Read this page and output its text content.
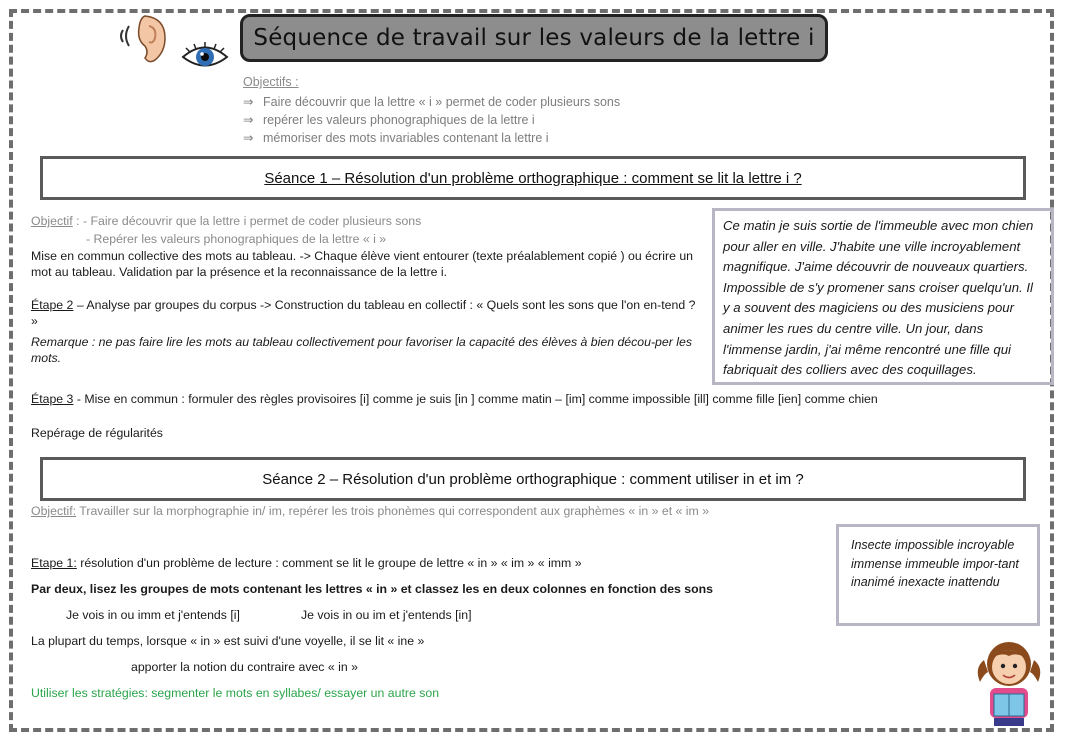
Séquence de travail sur les valeurs de la lettre i
Objectifs :
⇒ Faire découvrir que la lettre « i » permet de coder plusieurs sons
⇒ repérer les valeurs phonographiques de la lettre i
⇒ mémoriser des mots invariables contenant la lettre i
Séance 1 – Résolution d'un problème orthographique : comment se lit la lettre i ?
Objectif : - Faire découvrir que la lettre i permet de coder plusieurs sons
- Repérer les valeurs phonographiques de la lettre « i »
Mise en commun collective des mots au tableau. -> Chaque élève vient entourer (texte préalablement copié ) ou écrire un mot au tableau. Validation par la présence et la reconnaissance de la lettre i.
Étape 2 – Analyse par groupes du corpus -> Construction du tableau en collectif : « Quels sont les sons que l'on en-tend ? »
Remarque : ne pas faire lire les mots au tableau collectivement pour favoriser la capacité des élèves à bien décou-per les mots.
Étape 3 - Mise en commun : formuler des règles provisoires [i] comme je suis [in ] comme matin – [im] comme impossible [ill] comme fille [ien] comme chien
Repérage de régularités
Ce matin je suis sortie de l'immeuble avec mon chien pour aller en ville. J'habite une ville incroyablement magnifique. J'aime découvrir de nouveaux quartiers. Impossible de s'y promener sans croiser quelqu'un. Il y a souvent des magiciens ou des musiciens pour animer les rues du centre ville. Un jour, dans l'immense jardin, j'ai même rencontré une fille qui fabriquait des colliers avec des coquillages.
Séance 2 – Résolution d'un problème orthographique : comment utiliser in et im ?
Objectif: Travailler sur la morphographie in/ im, repérer les trois phonèmes qui correspondent aux graphèmes « in » et « im »
Etape 1: résolution d'un problème de lecture : comment se lit le groupe de lettre « in » « im » « imm »
Par deux, lisez les groupes de mots contenant les lettres « in » et classez les en deux colonnes en fonction des sons
Je vois in ou imm et j'entends [i]	Je vois in ou im et j'entends [in]
La plupart du temps, lorsque « in » est suivi d'une voyelle, il se lit « ine »
apporter la notion du contraire avec « in »
Utiliser les stratégies: segmenter le mots en syllabes/ essayer un autre son
Insecte impossible incroyable immense immeuble impor-tant inanimé inexacte inattendu
